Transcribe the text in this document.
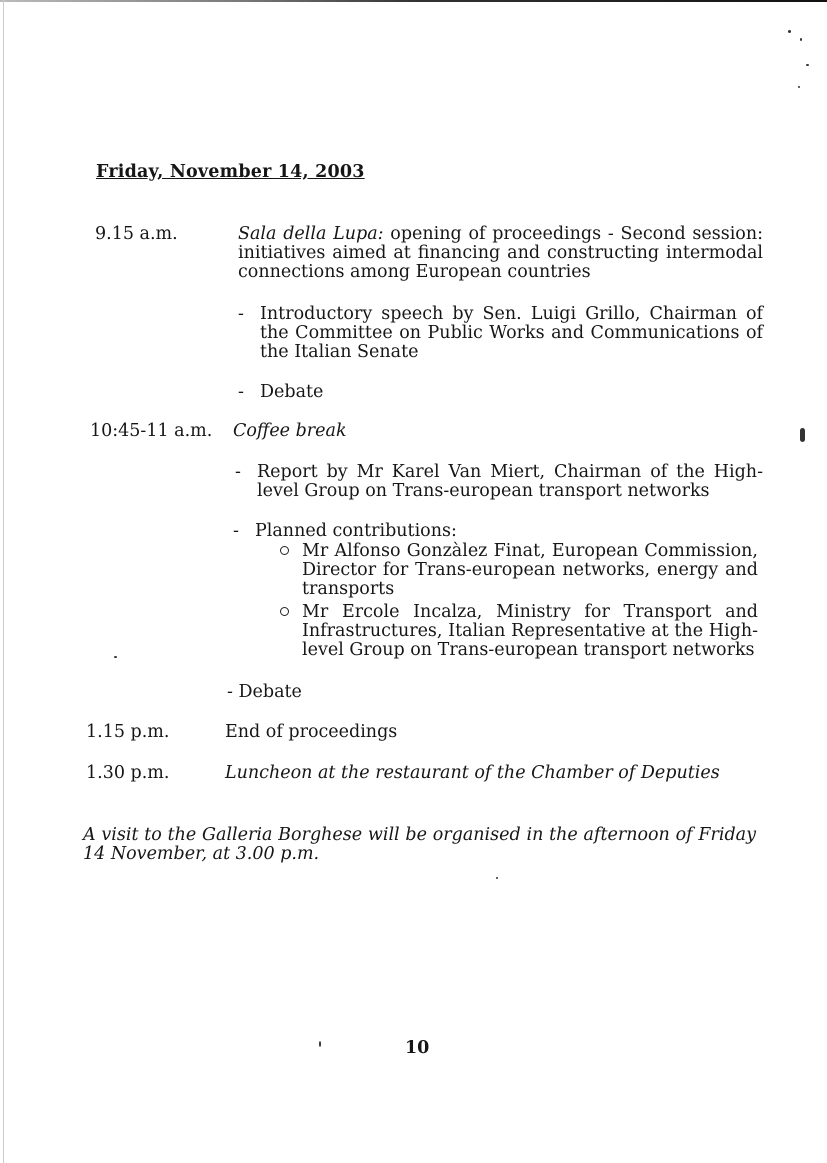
Friday, November 14, 2003
9.15 a.m.	Sala della Lupa: opening of proceedings - Second session: initiatives aimed at financing and constructing intermodal connections among European countries
- Introductory speech by Sen. Luigi Grillo, Chairman of the Committee on Public Works and Communications of the Italian Senate
- Debate
10:45-11 a.m. Coffee break
- Report by Mr Karel Van Miert, Chairman of the High-level Group on Trans-european transport networks
- Planned contributions:
Mr Alfonso Gonzàlez Finat, European Commission, Director for Trans-european networks, energy and transports
Mr Ercole Incalza, Ministry for Transport and Infrastructures, Italian Representative at the High-level Group on Trans-european transport networks
- Debate
1.15 p.m.	End of proceedings
1.30 p.m.	Luncheon at the restaurant of the Chamber of Deputies
A visit to the Galleria Borghese will be organised in the afternoon of Friday 14 November, at 3.00 p.m.
10
